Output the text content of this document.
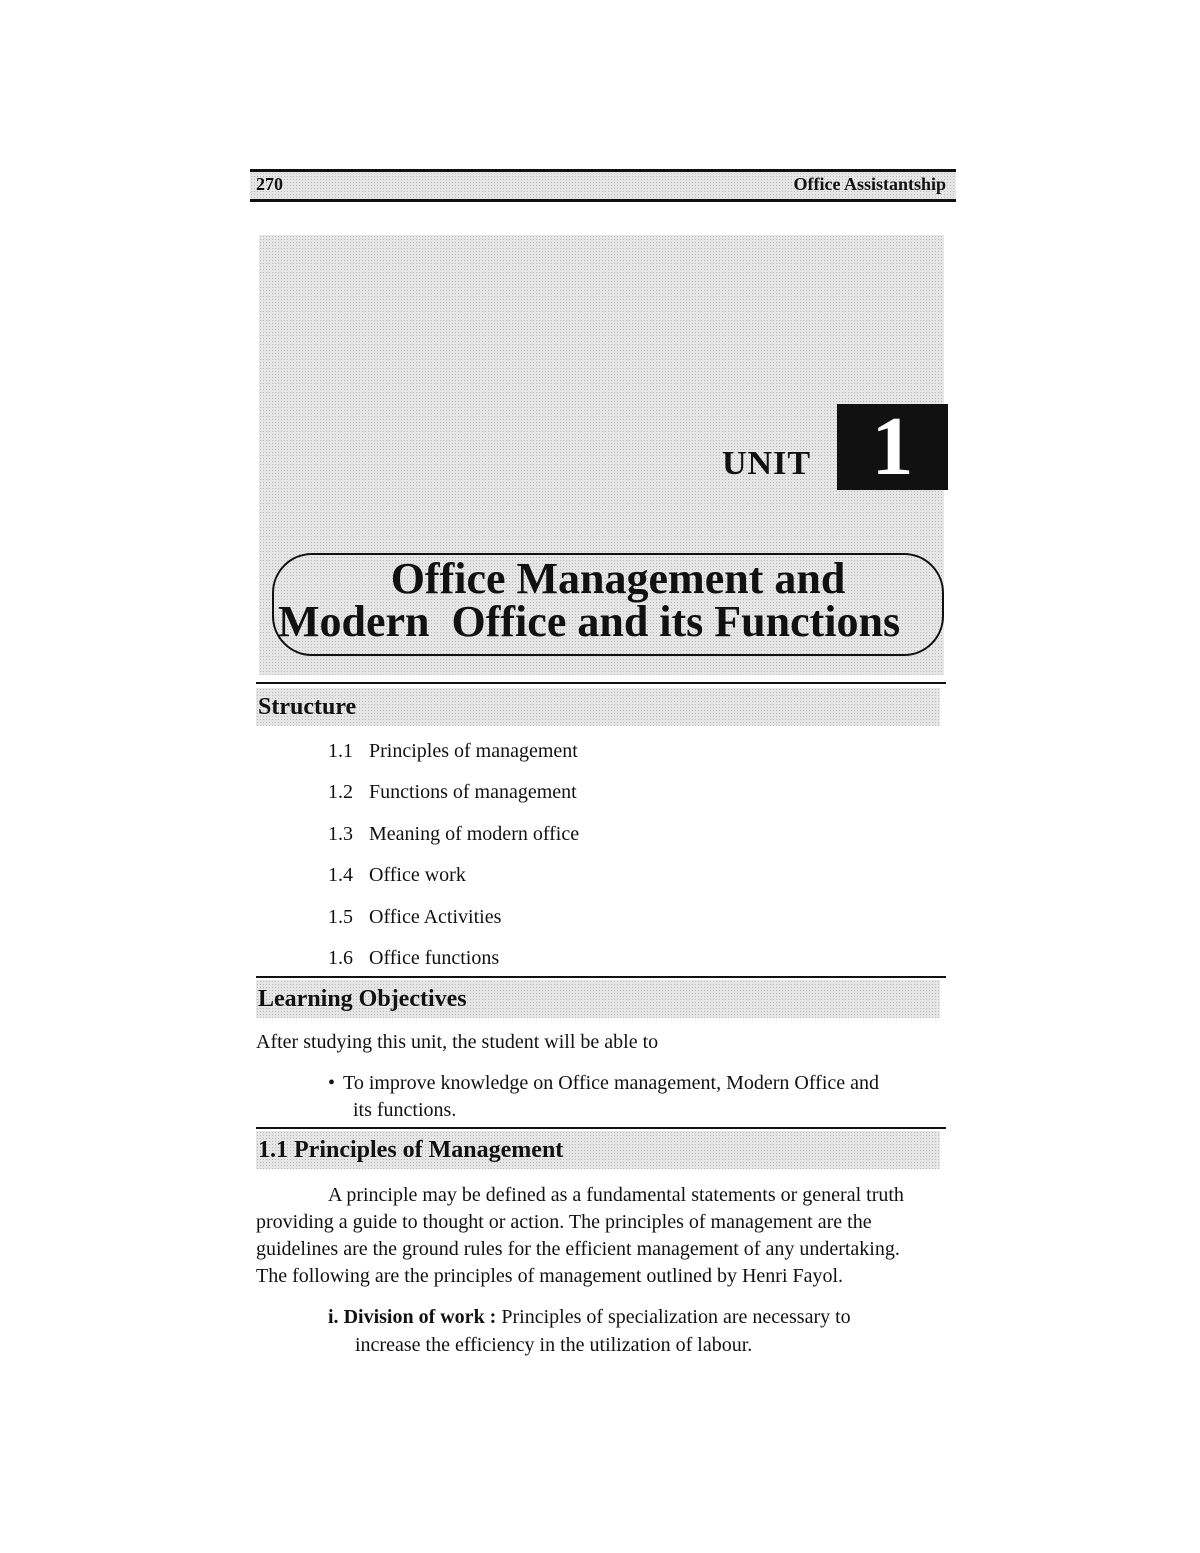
270	Office Assistantship
UNIT 1
Office Management and
Modern  Office and its Functions
Structure
1.1 Principles of management
1.2 Functions of management
1.3 Meaning of modern office
1.4 Office work
1.5 Office Activities
1.6 Office functions
Learning Objectives
After studying this unit, the student will be able to
• To improve knowledge on Office management, Modern Office and
its functions.
1.1 Principles of Management
A principle may be defined as a fundamental statements or general truth
providing a guide to thought or action. The principles of management are the
guidelines are the ground rules for the efficient management of any undertaking.
The following are the principles of management outlined by Henri Fayol.
i. Division of work : Principles of specialization are necessary to
increase the efficiency in the utilization of labour.
